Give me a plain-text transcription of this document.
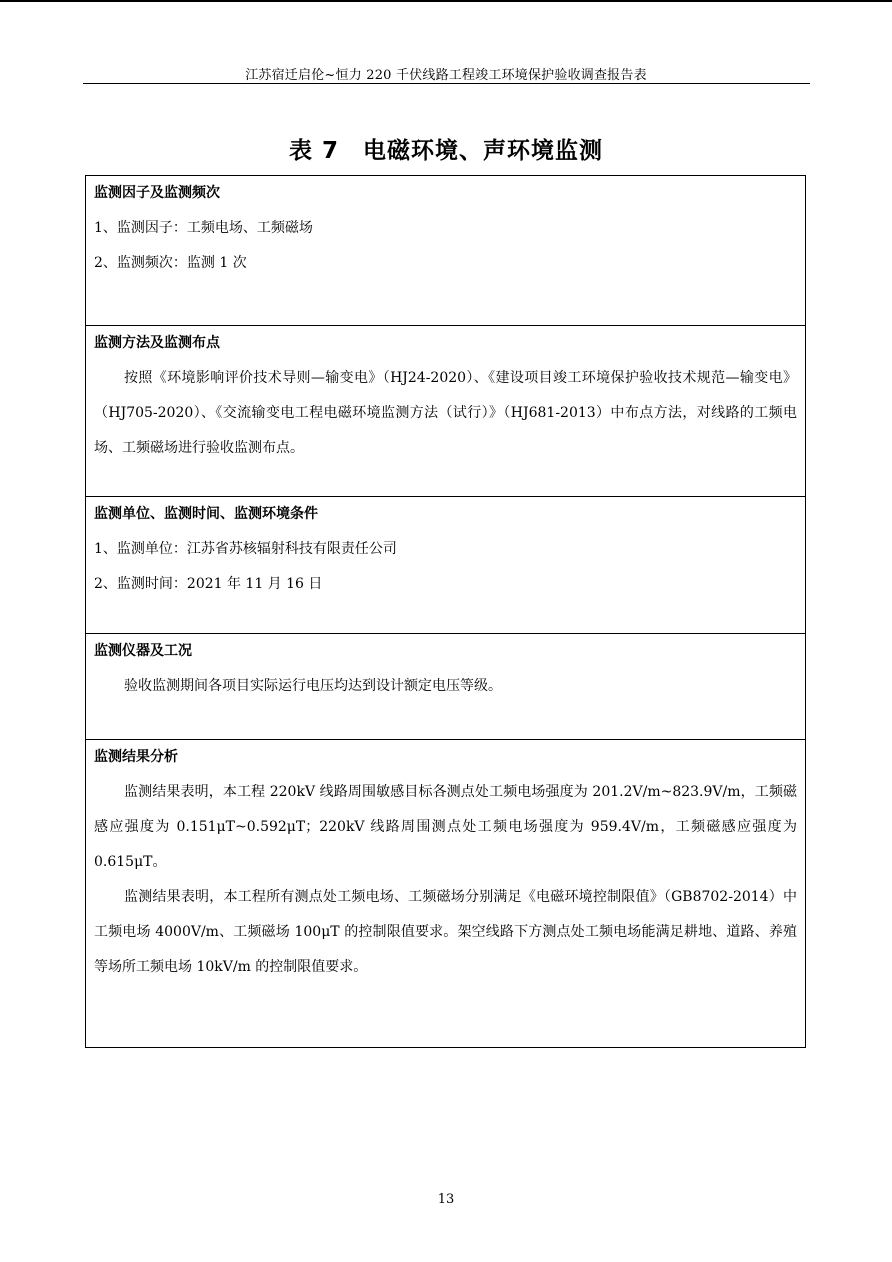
江苏宿迁启伦~恒力 220 千伏线路工程竣工环境保护验收调查报告表
表 7　电磁环境、声环境监测
监测因子及监测频次
1、监测因子：工频电场、工频磁场
2、监测频次：监测 1 次
监测方法及监测布点

按照《环境影响评价技术导则—输变电》（HJ24-2020）、《建设项目竣工环境保护验收技术规范—输变电》（HJ705-2020）、《交流输变电工程电磁环境监测方法（试行）》（HJ681-2013）中布点方法，对线路的工频电场、工频磁场进行验收监测布点。

监测单位、监测时间、监测环境条件
1、监测单位：江苏省苏核辐射科技有限责任公司
2、监测时间：2021 年 11 月 16 日
监测仪器及工况

验收监测期间各项目实际运行电压均达到设计额定电压等级。

监测结果分析

监测结果表明，本工程 220kV 线路周围敏感目标各测点处工频电场强度为 201.2V/m~823.9V/m，工频磁感应强度为 0.151μT~0.592μT；220kV 线路周围测点处工频电场强度为 959.4V/m，工频磁感应强度为 0.615μT。

监测结果表明，本工程所有测点处工频电场、工频磁场分别满足《电磁环境控制限值》（GB8702-2014）中工频电场 4000V/m、工频磁场 100μT 的控制限值要求。架空线路下方测点处工频电场能满足耕地、道路、养殖等场所工频电场 10kV/m 的控制限值要求。

13
